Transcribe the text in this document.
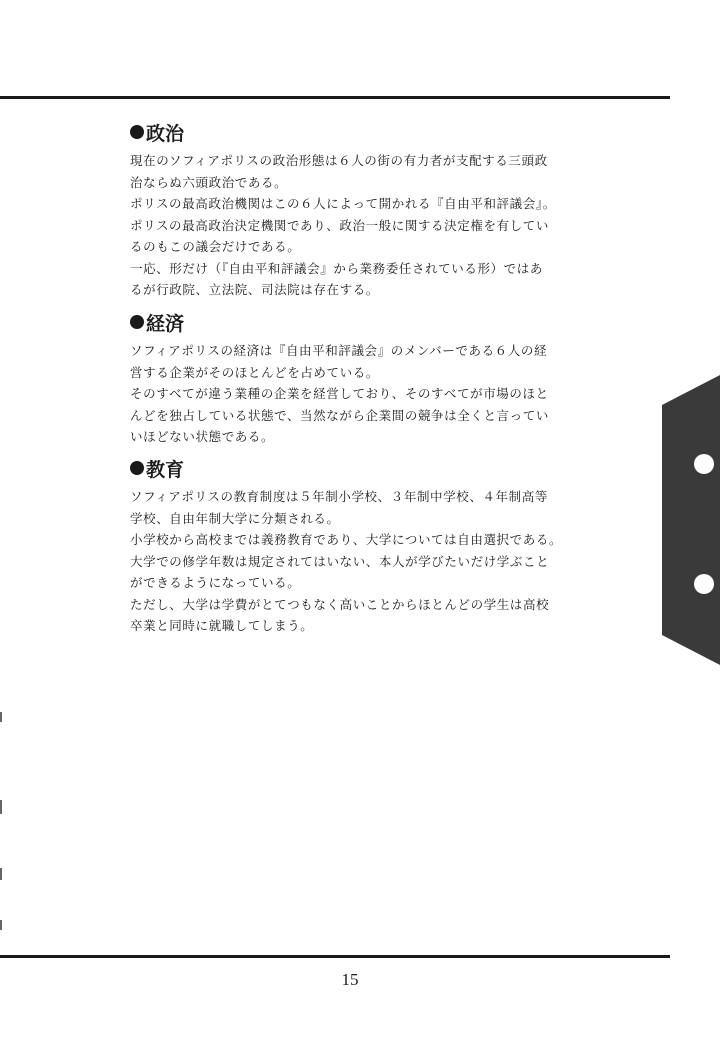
政治
現在のソフィアポリスの政治形態は６人の街の有力者が支配する三頭政
治ならぬ六頭政治である。
ポリスの最高政治機関はこの６人によって開かれる『自由平和評議会』。
ポリスの最高政治決定機関であり、政治一般に関する決定権を有してい
るのもこの議会だけである。
一応、形だけ（『自由平和評議会』から業務委任されている形）ではあ
るが行政院、立法院、司法院は存在する。
経済
ソフィアポリスの経済は『自由平和評議会』のメンバーである６人の経
営する企業がそのほとんどを占めている。
そのすべてが違う業種の企業を経営しており、そのすべてが市場のほと
んどを独占している状態で、当然ながら企業間の競争は全くと言ってい
いほどない状態である。
教育
ソフィアポリスの教育制度は５年制小学校、３年制中学校、４年制高等
学校、自由年制大学に分類される。
小学校から高校までは義務教育であり、大学については自由選択である。
大学での修学年数は規定されてはいない、本人が学びたいだけ学ぶこと
ができるようになっている。
ただし、大学は学費がとてつもなく高いことからほとんどの学生は高校
卒業と同時に就職してしまう。
15
